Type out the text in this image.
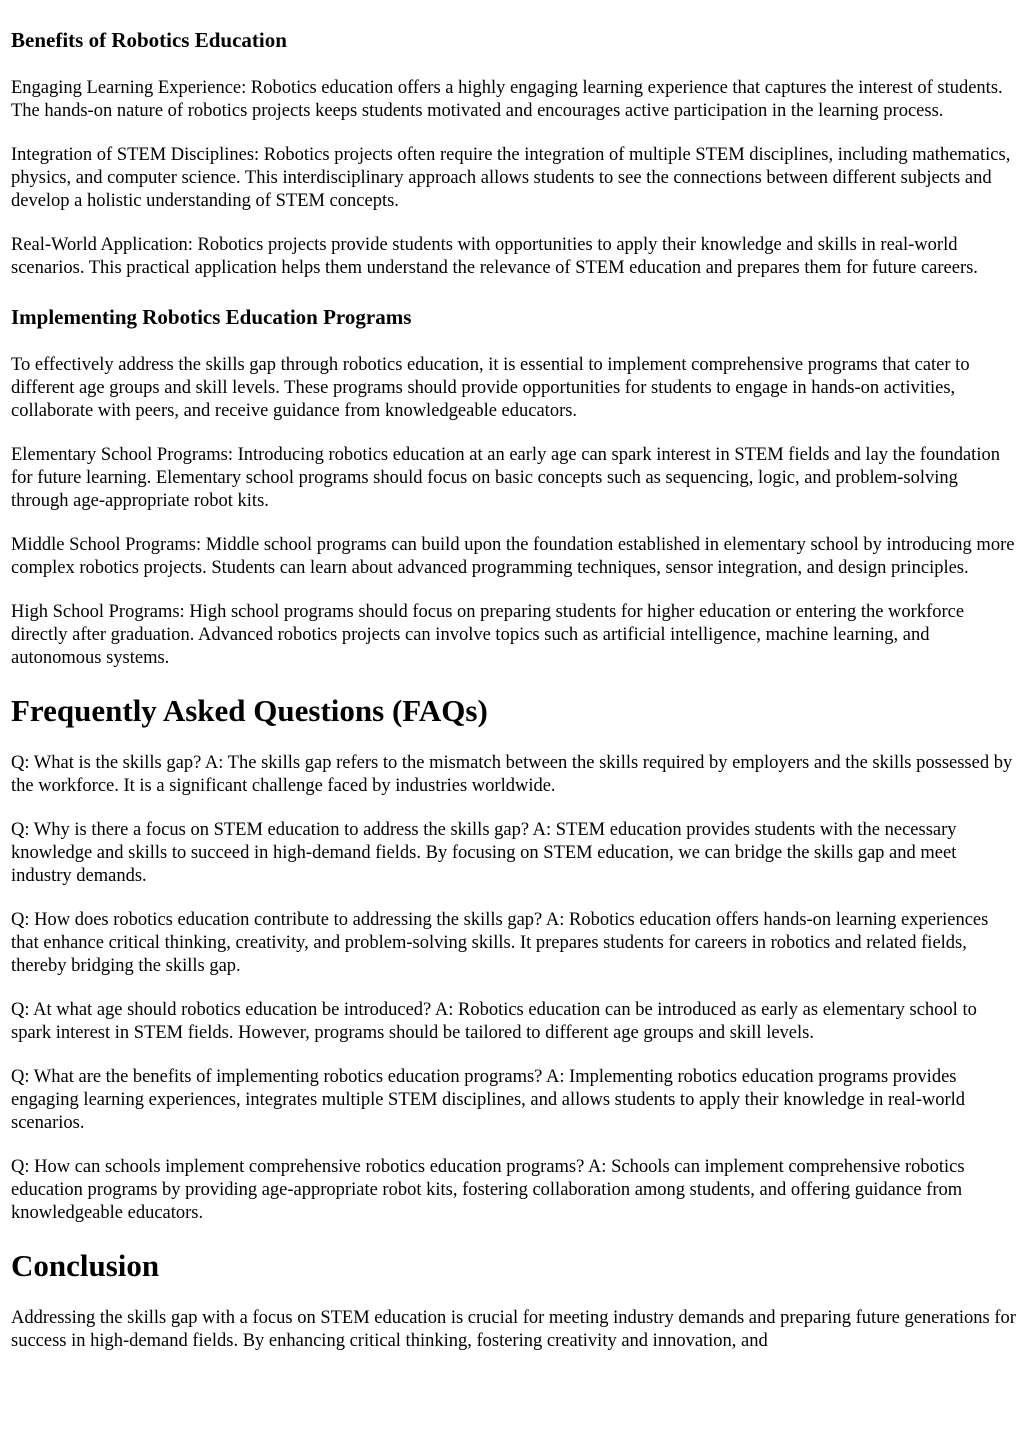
Benefits of Robotics Education

Engaging Learning Experience: Robotics education offers a highly engaging learning experience that captures the interest of students. The hands-on nature of robotics projects keeps students motivated and encourages active participation in the learning process.

Integration of STEM Disciplines: Robotics projects often require the integration of multiple STEM disciplines, including mathematics, physics, and computer science. This interdisciplinary approach allows students to see the connections between different subjects and develop a holistic understanding of STEM concepts.

Real-World Application: Robotics projects provide students with opportunities to apply their knowledge and skills in real-world scenarios. This practical application helps them understand the relevance of STEM education and prepares them for future careers.

Implementing Robotics Education Programs

To effectively address the skills gap through robotics education, it is essential to implement comprehensive programs that cater to different age groups and skill levels. These programs should provide opportunities for students to engage in hands-on activities, collaborate with peers, and receive guidance from knowledgeable educators.

Elementary School Programs: Introducing robotics education at an early age can spark interest in STEM fields and lay the foundation for future learning. Elementary school programs should focus on basic concepts such as sequencing, logic, and problem-solving through age-appropriate robot kits.

Middle School Programs: Middle school programs can build upon the foundation established in elementary school by introducing more complex robotics projects. Students can learn about advanced programming techniques, sensor integration, and design principles.

High School Programs: High school programs should focus on preparing students for higher education or entering the workforce directly after graduation. Advanced robotics projects can involve topics such as artificial intelligence, machine learning, and autonomous systems.

Frequently Asked Questions (FAQs)

Q: What is the skills gap? A: The skills gap refers to the mismatch between the skills required by employers and the skills possessed by the workforce. It is a significant challenge faced by industries worldwide.

Q: Why is there a focus on STEM education to address the skills gap? A: STEM education provides students with the necessary knowledge and skills to succeed in high-demand fields. By focusing on STEM education, we can bridge the skills gap and meet industry demands.

Q: How does robotics education contribute to addressing the skills gap? A: Robotics education offers hands-on learning experiences that enhance critical thinking, creativity, and problem-solving skills. It prepares students for careers in robotics and related fields, thereby bridging the skills gap.

Q: At what age should robotics education be introduced? A: Robotics education can be introduced as early as elementary school to spark interest in STEM fields. However, programs should be tailored to different age groups and skill levels.

Q: What are the benefits of implementing robotics education programs? A: Implementing robotics education programs provides engaging learning experiences, integrates multiple STEM disciplines, and allows students to apply their knowledge in real-world scenarios.

Q: How can schools implement comprehensive robotics education programs? A: Schools can implement comprehensive robotics education programs by providing age-appropriate robot kits, fostering collaboration among students, and offering guidance from knowledgeable educators.

Conclusion

Addressing the skills gap with a focus on STEM education is crucial for meeting industry demands and preparing future generations for success in high-demand fields. By enhancing critical thinking, fostering creativity and innovation, and
